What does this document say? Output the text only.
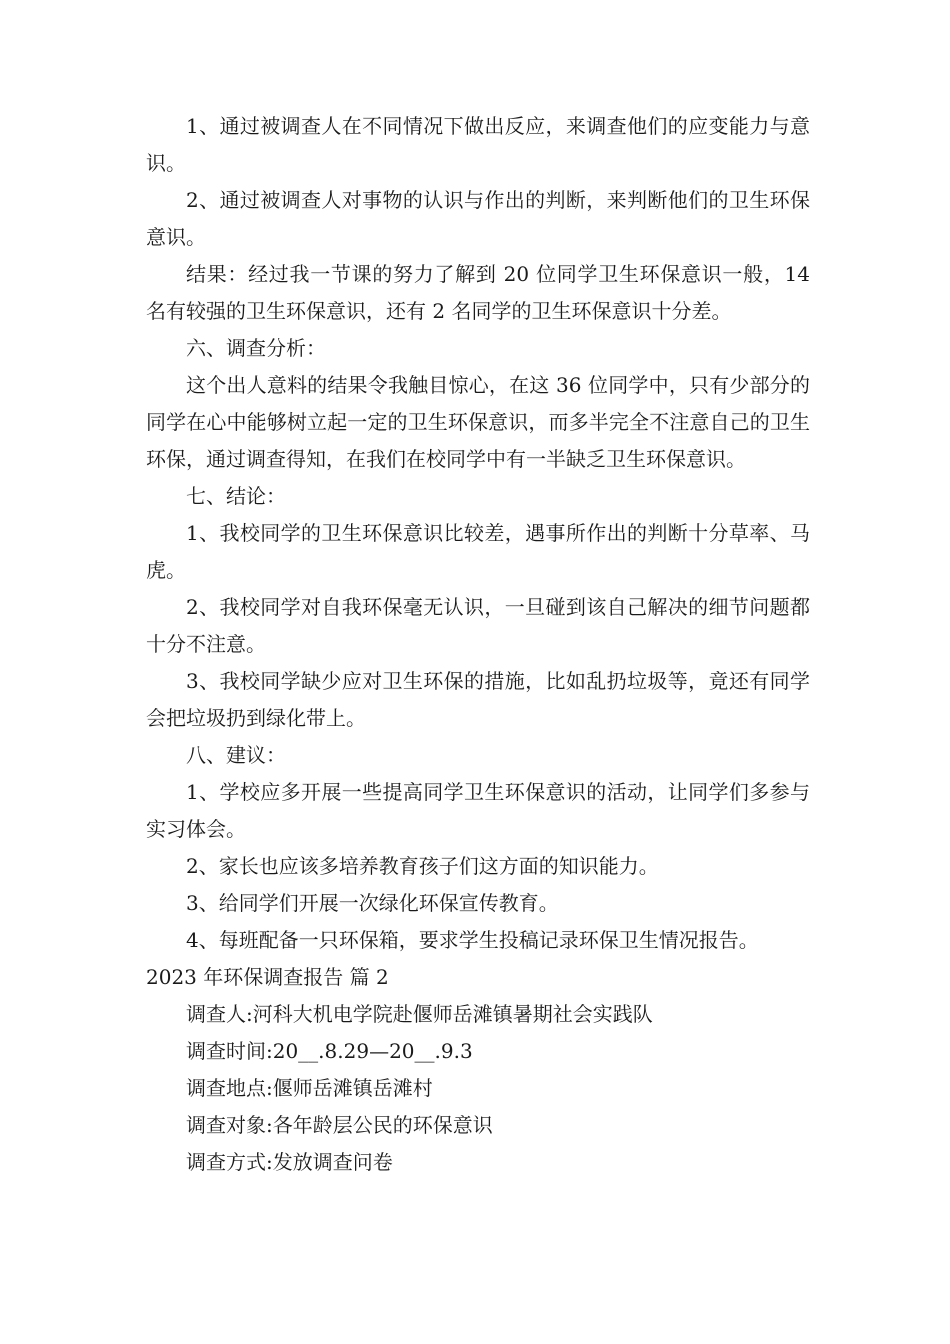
1、通过被调查人在不同情况下做出反应，来调查他们的应变能力与意识。

2、通过被调查人对事物的认识与作出的判断，来判断他们的卫生环保意识。

结果：经过我一节课的努力了解到 20 位同学卫生环保意识一般，14 名有较强的卫生环保意识，还有 2 名同学的卫生环保意识十分差。

六、调查分析：

这个出人意料的结果令我触目惊心，在这 36 位同学中，只有少部分的同学在心中能够树立起一定的卫生环保意识，而多半完全不注意自己的卫生环保，通过调查得知，在我们在校同学中有一半缺乏卫生环保意识。

七、结论：

1、我校同学的卫生环保意识比较差，遇事所作出的判断十分草率、马虎。

2、我校同学对自我环保毫无认识，一旦碰到该自己解决的细节问题都十分不注意。

3、我校同学缺少应对卫生环保的措施，比如乱扔垃圾等，竟还有同学会把垃圾扔到绿化带上。

八、建议：

1、学校应多开展一些提高同学卫生环保意识的活动，让同学们多参与实习体会。

2、家长也应该多培养教育孩子们这方面的知识能力。

3、给同学们开展一次绿化环保宣传教育。

4、每班配备一只环保箱，要求学生投稿记录环保卫生情况报告。

2023 年环保调查报告 篇 2

调查人:河科大机电学院赴偃师岳滩镇暑期社会实践队

调查时间:20__.8.29—20__.9.3

调查地点:偃师岳滩镇岳滩村

调查对象:各年龄层公民的环保意识

调查方式:发放调查问卷
